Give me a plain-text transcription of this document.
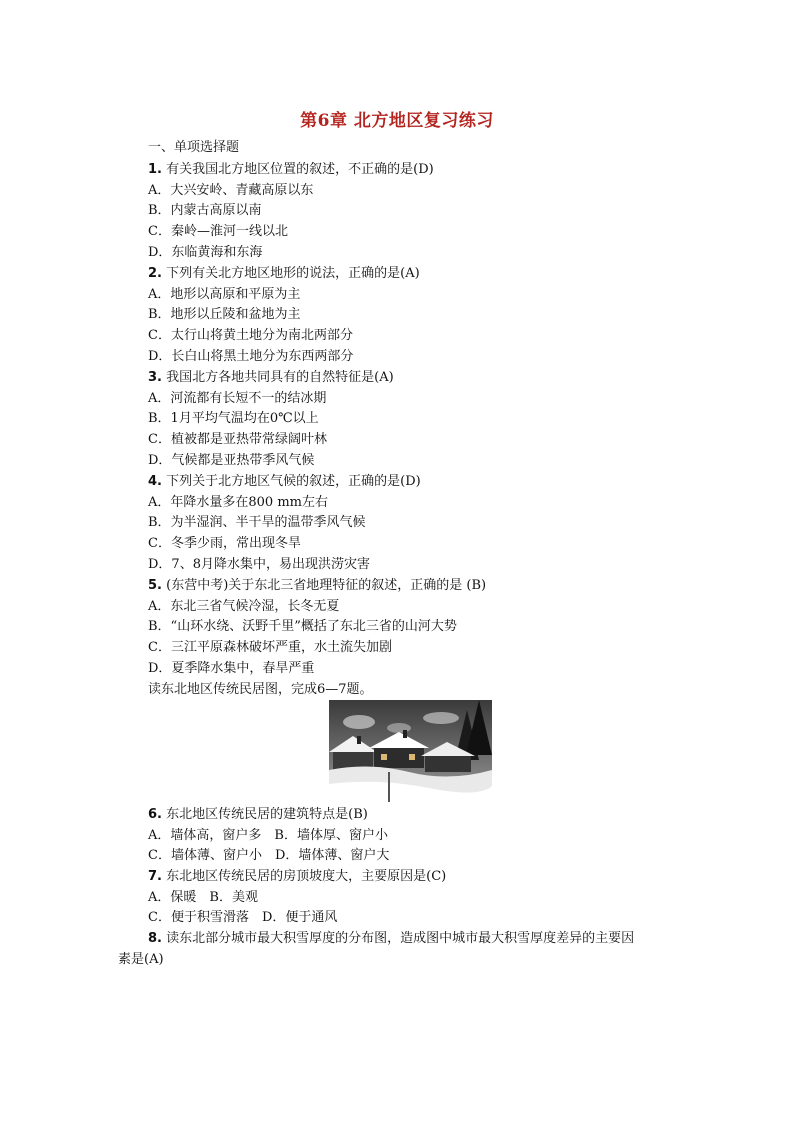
第6章 北方地区复习练习
一、单项选择题
1. 有关我国北方地区位置的叙述，不正确的是(D)
A．大兴安岭、青藏高原以东
B．内蒙古高原以南
C．秦岭—淮河一线以北
D．东临黄海和东海
2. 下列有关北方地区地形的说法，正确的是(A)
A．地形以高原和平原为主
B．地形以丘陵和盆地为主
C．太行山将黄土地分为南北两部分
D．长白山将黑土地分为东西两部分
3. 我国北方各地共同具有的自然特征是(A)
A．河流都有长短不一的结冰期
B．1月平均气温均在0℃以上
C．植被都是亚热带常绿阔叶林
D．气候都是亚热带季风气候
4. 下列关于北方地区气候的叙述，正确的是(D)
A．年降水量多在800 mm左右
B．为半湿润、半干旱的温带季风气候
C．冬季少雨，常出现冬旱
D．7、8月降水集中，易出现洪涝灾害
5. (东营中考)关于东北三省地理特征的叙述，正确的是 (B)
A．东北三省气候冷湿，长冬无夏
B．“山环水绕、沃野千里”概括了东北三省的山河大势
C．三江平原森林破坏严重，水土流失加剧
D．夏季降水集中，春旱严重
读东北地区传统民居图，完成6—7题。
6. 东北地区传统民居的建筑特点是(B)
A．墙体高，窗户多　B．墙体厚、窗户小
C．墙体薄、窗户小　D．墙体薄、窗户大
7. 东北地区传统民居的房顶坡度大，主要原因是(C)
A．保暖　B．美观
C．便于积雪滑落　D．便于通风
8. 读东北部分城市最大积雪厚度的分布图，造成图中城市最大积雪厚度差异的主要因
素是(A)
